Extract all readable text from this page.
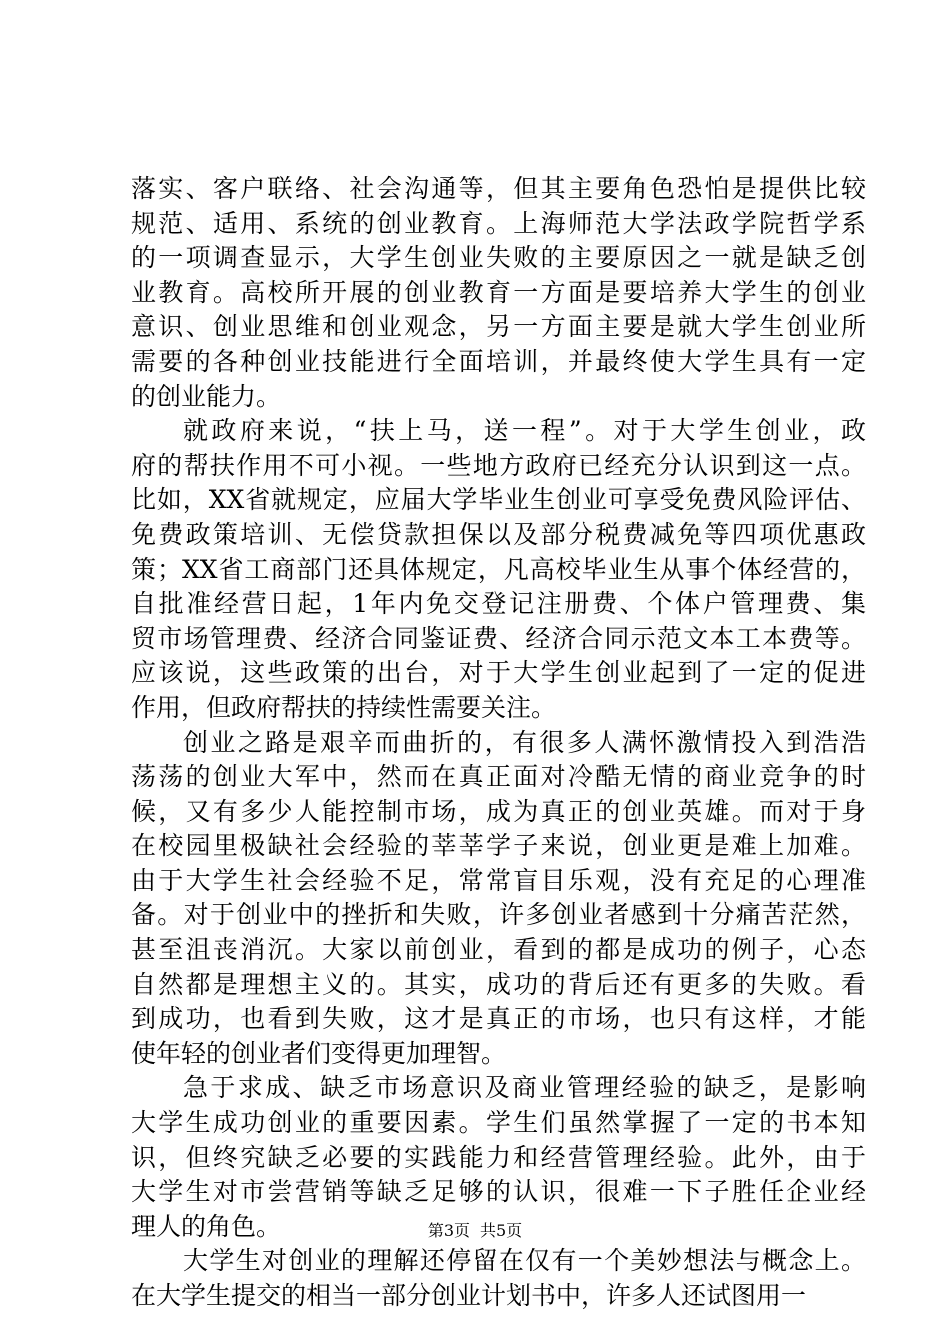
落实、客户联络、社会沟通等，但其主要角色恐怕是提供比较
规范、适用、系统的创业教育。上海师范大学法政学院哲学系
的一项调查显示，大学生创业失败的主要原因之一就是缺乏创
业教育。高校所开展的创业教育一方面是要培养大学生的创业
意识、创业思维和创业观念，另一方面主要是就大学生创业所
需要的各种创业技能进行全面培训，并最终使大学生具有一定
的创业能力。
就政府来说，“扶上马，送一程”。对于大学生创业，政
府的帮扶作用不可小视。一些地方政府已经充分认识到这一点。
比如，XX省就规定，应届大学毕业生创业可享受免费风险评估、
免费政策培训、无偿贷款担保以及部分税费减免等四项优惠政
策；XX省工商部门还具体规定，凡高校毕业生从事个体经营的，
自批准经营日起，1年内免交登记注册费、个体户管理费、集
贸市场管理费、经济合同鉴证费、经济合同示范文本工本费等。
应该说，这些政策的出台，对于大学生创业起到了一定的促进
作用，但政府帮扶的持续性需要关注。
创业之路是艰辛而曲折的，有很多人满怀激情投入到浩浩
荡荡的创业大军中，然而在真正面对冷酷无情的商业竞争的时
候，又有多少人能控制市场，成为真正的创业英雄。而对于身
在校园里极缺社会经验的莘莘学子来说，创业更是难上加难。
由于大学生社会经验不足，常常盲目乐观，没有充足的心理准
备。对于创业中的挫折和失败，许多创业者感到十分痛苦茫然，
甚至沮丧消沉。大家以前创业，看到的都是成功的例子，心态
自然都是理想主义的。其实，成功的背后还有更多的失败。看
到成功，也看到失败，这才是真正的市场，也只有这样，才能
使年轻的创业者们变得更加理智。
急于求成、缺乏市场意识及商业管理经验的缺乏，是影响
大学生成功创业的重要因素。学生们虽然掌握了一定的书本知
识，但终究缺乏必要的实践能力和经营管理经验。此外，由于
大学生对市尝营销等缺乏足够的认识，很难一下子胜任企业经
理人的角色。
大学生对创业的理解还停留在仅有一个美妙想法与概念上。
在大学生提交的相当一部分创业计划书中，许多人还试图用一
第3页 共5页
